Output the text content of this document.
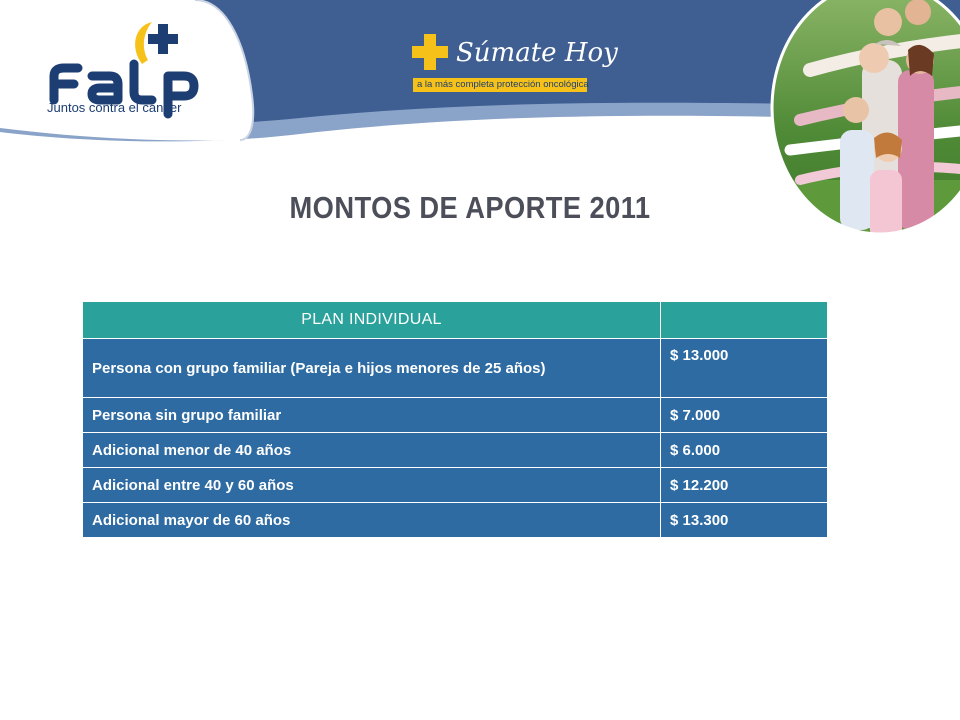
Juntos contra el cáncer
Súmate Hoy
a la más completa protección oncológica
MONTOS DE APORTE 2011
PLAN INDIVIDUAL	
Persona con grupo familiar (Pareja e hijos menores de 25 años)	$ 13.000
Persona sin grupo familiar	$ 7.000
Adicional menor de 40 años	$ 6.000
Adicional entre 40 y 60 años	$ 12.200
Adicional mayor de 60 años	$ 13.300
